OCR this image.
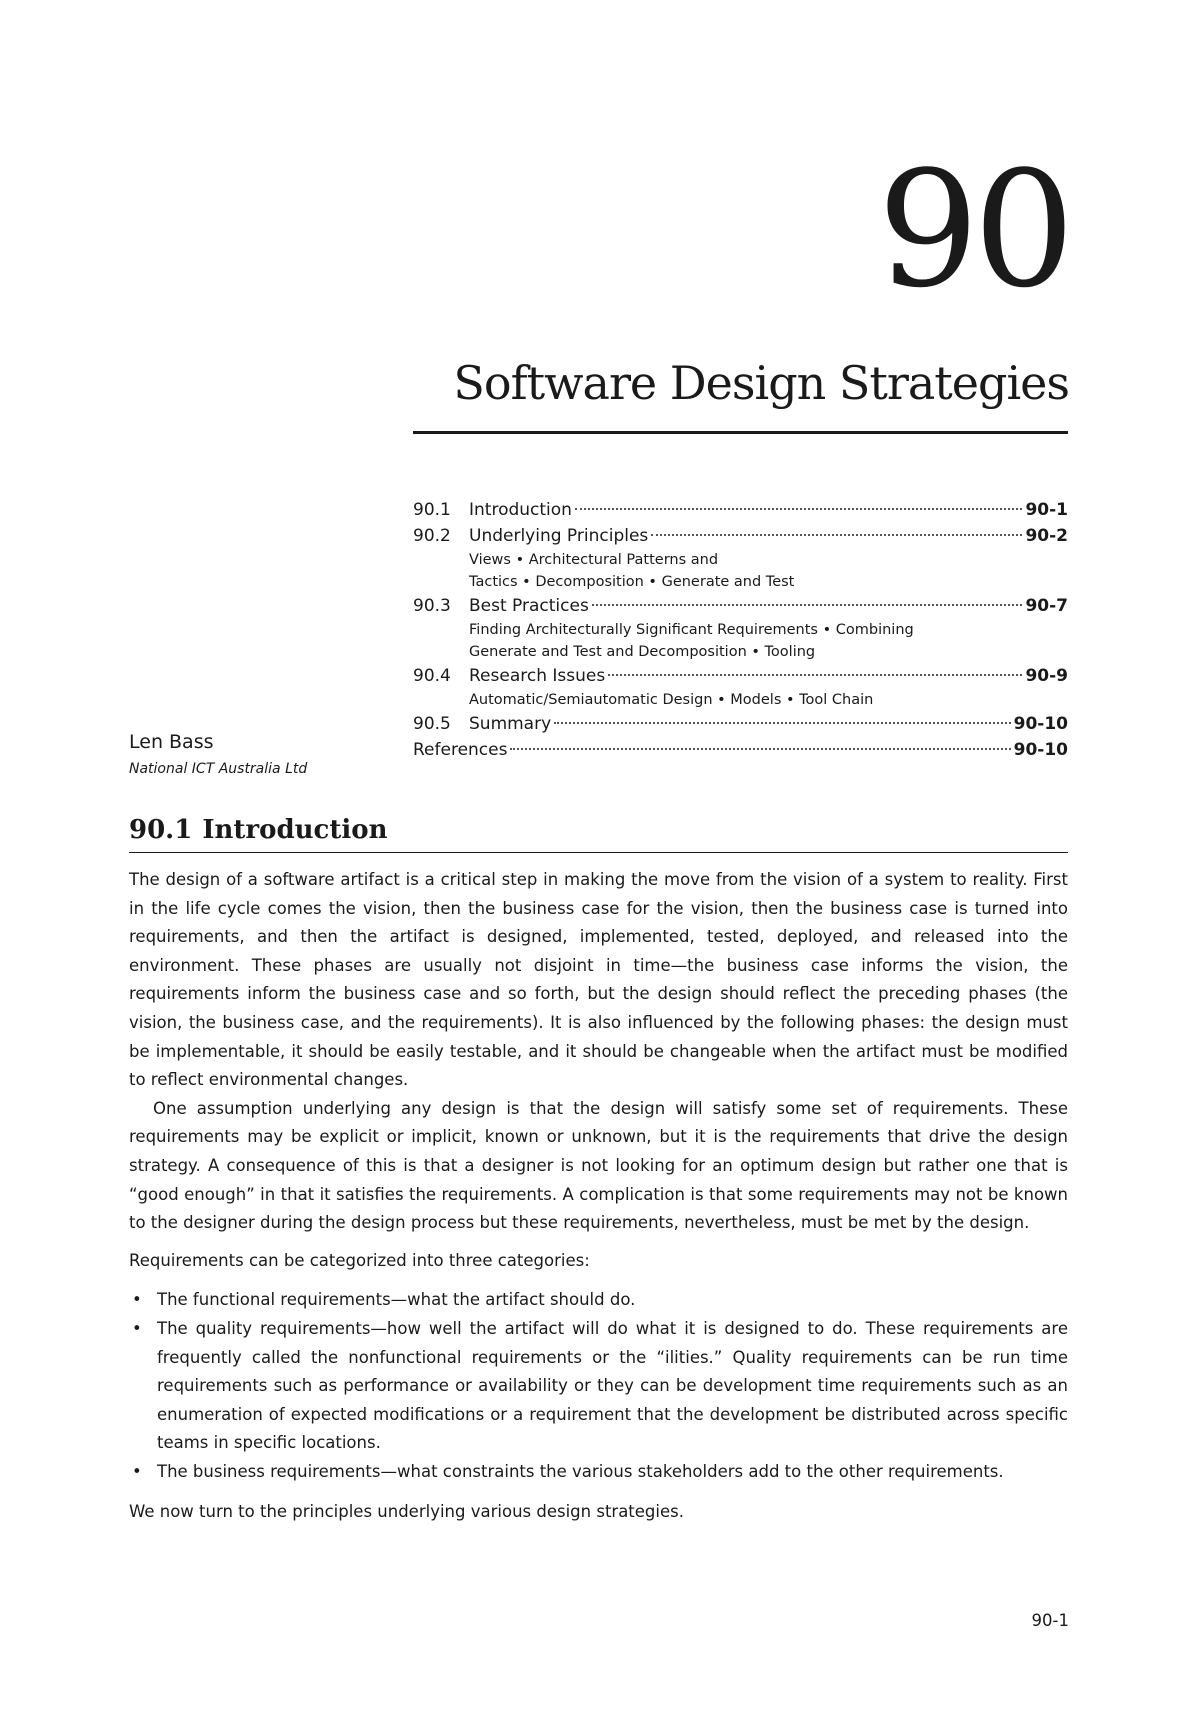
90
Software Design Strategies
Len Bass
National ICT Australia Ltd
90.1	Introduction	90-1
90.2	Underlying Principles	90-2
Views • Architectural Patterns and
Tactics • Decomposition • Generate and Test
90.3	Best Practices	90-7
Finding Architecturally Significant Requirements • Combining
Generate and Test and Decomposition • Tooling
90.4	Research Issues	90-9
Automatic/Semiautomatic Design • Models • Tool Chain
90.5	Summary	90-10
References	90-10
90.1 Introduction

The design of a software artifact is a critical step in making the move from the vision of a system to reality. First in the life cycle comes the vision, then the business case for the vision, then the business case is turned into requirements, and then the artifact is designed, implemented, tested, deployed, and released into the environment. These phases are usually not disjoint in time—the business case informs the vision, the requirements inform the business case and so forth, but the design should reflect the preceding phases (the vision, the business case, and the requirements). It is also influenced by the following phases: the design must be implementable, it should be easily testable, and it should be changeable when the artifact must be modified to reflect environmental changes.

One assumption underlying any design is that the design will satisfy some set of requirements. These requirements may be explicit or implicit, known or unknown, but it is the requirements that drive the design strategy. A consequence of this is that a designer is not looking for an optimum design but rather one that is “good enough” in that it satisfies the requirements. A complication is that some requirements may not be known to the designer during the design process but these requirements, nevertheless, must be met by the design.

Requirements can be categorized into three categories:

• The functional requirements—what the artifact should do.
• The quality requirements—how well the artifact will do what it is designed to do. These requirements are frequently called the nonfunctional requirements or the “ilities.” Quality requirements can be run time requirements such as performance or availability or they can be development time requirements such as an enumeration of expected modifications or a requirement that the development be distributed across specific teams in specific locations.
• The business requirements—what constraints the various stakeholders add to the other requirements.

We now turn to the principles underlying various design strategies.

90-1
